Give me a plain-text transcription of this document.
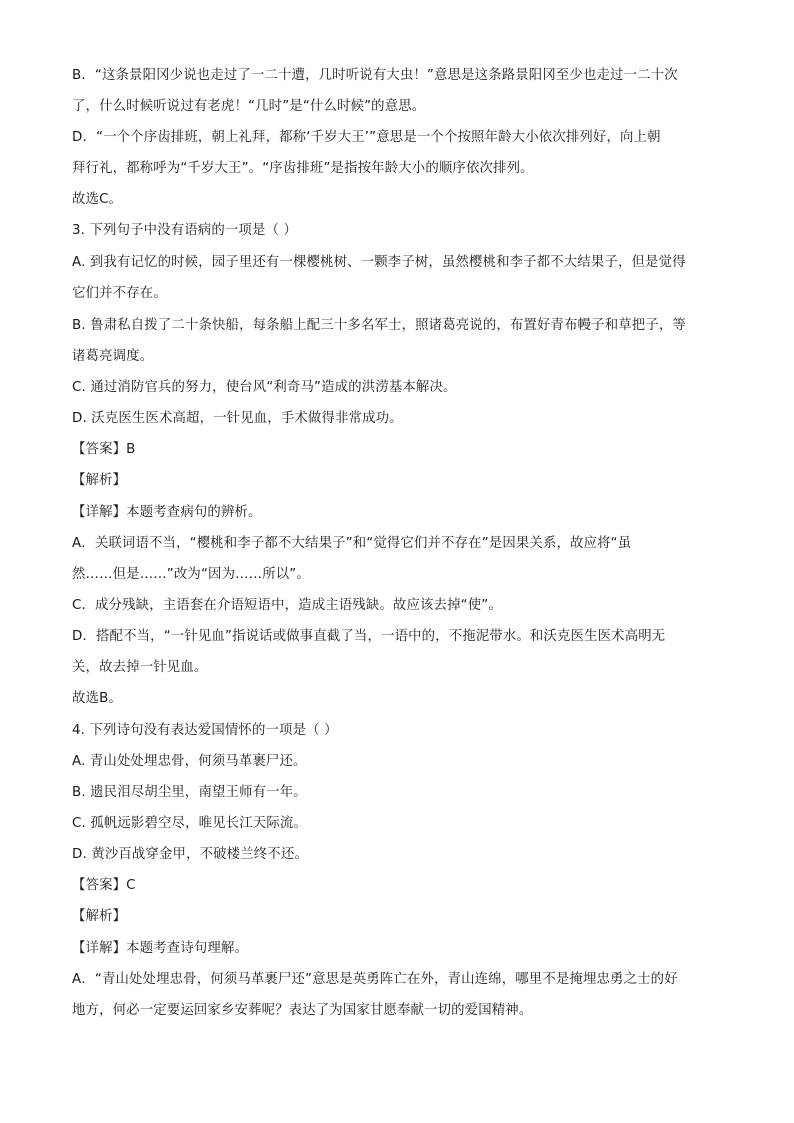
B．“这条景阳冈少说也走过了一二十遭，几时听说有大虫！”意思是这条路景阳冈至少也走过一二十次
了，什么时候听说过有老虎！“几时”是“什么时候”的意思。
D．“一个个序齿排班，朝上礼拜，都称‘千岁大王’”意思是一个个按照年龄大小依次排列好，向上朝
拜行礼，都称呼为“千岁大王”。“序齿排班”是指按年龄大小的顺序依次排列。
故选C。
3. 下列句子中没有语病的一项是（ ）
A. 到我有记忆的时候，园子里还有一棵樱桃树、一颗李子树，虽然樱桃和李子都不大结果子，但是觉得
它们并不存在。
B. 鲁肃私自拨了二十条快船，每条船上配三十多名军士，照诸葛亮说的，布置好青布幔子和草把子，等
诸葛亮调度。
C. 通过消防官兵的努力，使台风“利奇马”造成的洪涝基本解决。
D. 沃克医生医术高超，一针见血，手术做得非常成功。
【答案】B
【解析】
【详解】本题考查病句的辨析。
A．关联词语不当，“樱桃和李子都不大结果子”和“觉得它们并不存在”是因果关系，故应将“虽
然……但是……”改为“因为……所以”。
C．成分残缺，主语套在介语短语中，造成主语残缺。故应该去掉“使”。
D．搭配不当，“一针见血”指说话或做事直截了当，一语中的，不拖泥带水。和沃克医生医术高明无
关，故去掉一针见血。
故选B。
4. 下列诗句没有表达爱国情怀的一项是（ ）
A. 青山处处埋忠骨，何须马革裹尸还。
B. 遗民泪尽胡尘里，南望王师有一年。
C. 孤帆远影碧空尽，唯见长江天际流。
D. 黄沙百战穿金甲，不破楼兰终不还。
【答案】C
【解析】
【详解】本题考查诗句理解。
A．“青山处处埋忠骨，何须马革裹尸还”意思是英勇阵亡在外，青山连绵，哪里不是掩埋忠勇之士的好
地方，何必一定要运回家乡安葬呢？表达了为国家甘愿奉献一切的爱国精神。
